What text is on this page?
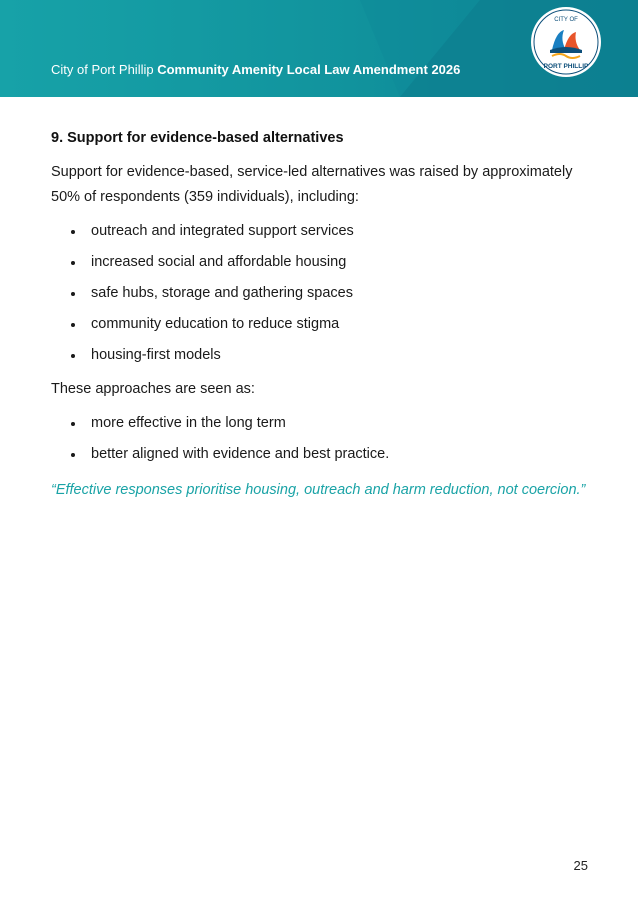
City of Port Phillip Community Amenity Local Law Amendment 2026
CITY OF
PORT PHILLIP
9. Support for evidence-based alternatives

Support for evidence-based, service-led alternatives was raised by approximately 50% of respondents (359 individuals), including:

outreach and integrated support services
increased social and affordable housing
safe hubs, storage and gathering spaces
community education to reduce stigma
housing-first models

These approaches are seen as:

more effective in the long term
better aligned with evidence and best practice.
“Effective responses prioritise housing, outreach and harm reduction, not coercion.”
25
